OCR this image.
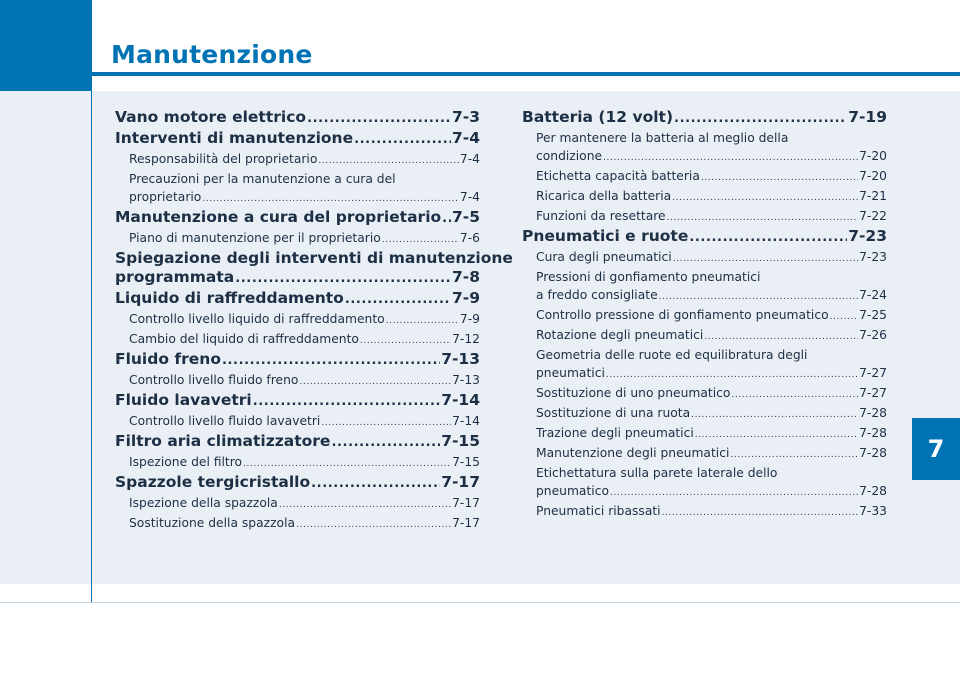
Manutenzione
7
Vano motore elettrico .....	7-3
Interventi di manutenzione .....	7-4
Responsabilità del proprietario .....	7-4
Precauzioni per la manutenzione a cura del
proprietario .....	7-4
Manutenzione a cura del proprietario ..... 7-5
Piano di manutenzione per il proprietario .....	7-6
Spiegazione degli interventi di manutenzione
programmata .....	7-8
Liquido di raffreddamento .....	7-9
Controllo livello liquido di raffreddamento .....	7-9
Cambio del liquido di raffreddamento .....	7-12
Fluido freno .....	7-13
Controllo livello fluido freno .....	7-13
Fluido lavavetri .....	7-14
Controllo livello fluido lavavetri .....	7-14
Filtro aria climatizzatore .....	7-15
Ispezione del filtro .....	7-15
Spazzole tergicristallo .....	7-17
Ispezione della spazzola .....	7-17
Sostituzione della spazzola .....	7-17
Batteria (12 volt) .....	7-19
Per mantenere la batteria al meglio della
condizione .....	7-20
Etichetta capacità batteria .....	7-20
Ricarica della batteria .....	7-21
Funzioni da resettare .....	7-22
Pneumatici e ruote .....	7-23
Cura degli pneumatici .....	7-23
Pressioni di gonfiamento pneumatici
a freddo consigliate .....	7-24
Controllo pressione di gonfiamento pneumatico ..... 7-25
Rotazione degli pneumatici .....	7-26
Geometria delle ruote ed equilibratura degli
pneumatici .....	7-27
Sostituzione di uno pneumatico .....	7-27
Sostituzione di una ruota .....	7-28
Trazione degli pneumatici .....	7-28
Manutenzione degli pneumatici .....	7-28
Etichettatura sulla parete laterale dello
pneumatico .....	7-28
Pneumatici ribassati .....	7-33
